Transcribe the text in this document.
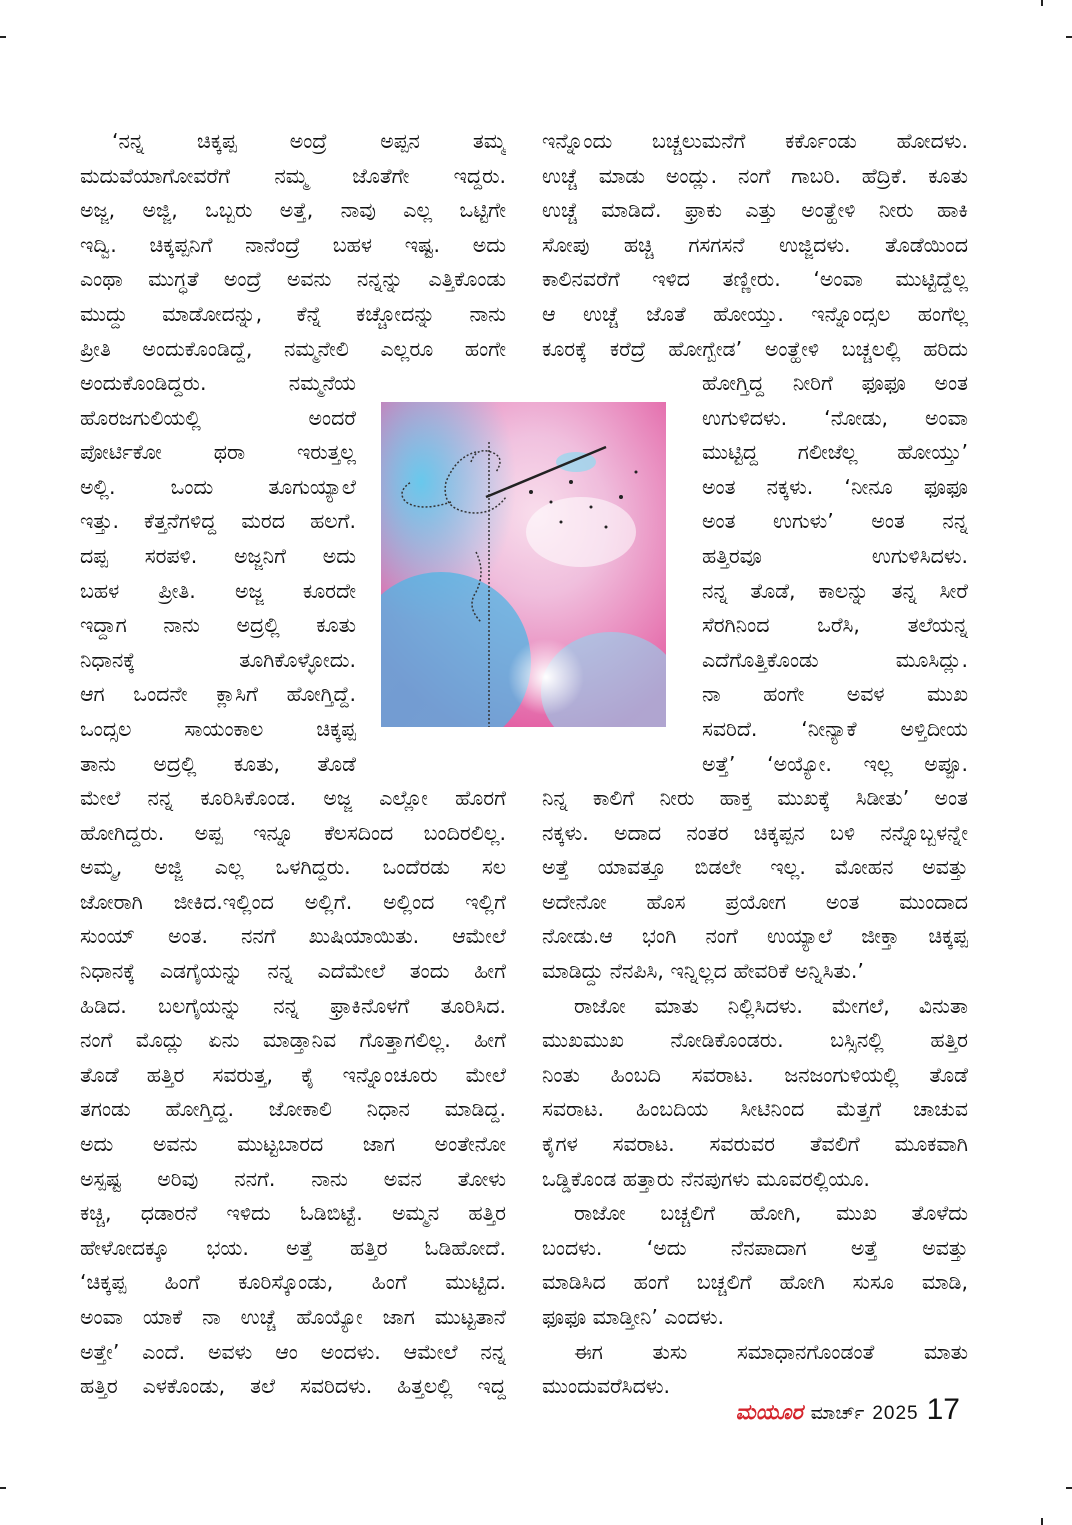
‘ನನ್ನ ಚಿಕ್ಕಪ್ಪ ಅಂದ್ರೆ ಅಪ್ಪನ ತಮ್ಮ

ಮದುವೆಯಾಗೋವರೆಗೆ ನಮ್ಮ ಜೊತೆಗೇ ಇದ್ದರು.

ಅಜ್ಜ, ಅಜ್ಜಿ, ಒಬ್ಬರು ಅತ್ತೆ, ನಾವು ಎಲ್ಲ ಒಟ್ಟಿಗೇ

ಇದ್ವಿ. ಚಿಕ್ಕಪ್ಪನಿಗೆ ನಾನೆಂದ್ರೆ ಬಹಳ ಇಷ್ಟ. ಅದು

ಎಂಥಾ ಮುಗ್ಧತೆ ಅಂದ್ರೆ ಅವನು ನನ್ನನ್ನು ಎತ್ತಿಕೊಂಡು

ಮುದ್ದು ಮಾಡೋದನ್ನು, ಕೆನ್ನೆ ಕಚ್ಚೋದನ್ನು ನಾನು

ಪ್ರೀತಿ ಅಂದುಕೊಂಡಿದ್ದೆ, ನಮ್ಮನೇಲಿ ಎಲ್ಲರೂ ಹಂಗೇ

ಅಂದುಕೊಂಡಿದ್ದರು. ನಮ್ಮನೆಯ

ಹೊರಜಗುಲಿಯಲ್ಲಿ ಅಂದರೆ

ಪೋರ್ಟಿಕೋ ಥರಾ ಇರುತ್ತಲ್ಲ

ಅಲ್ಲಿ. ಒಂದು ತೂಗುಯ್ಯಾಲೆ

ಇತ್ತು. ಕೆತ್ತನೆಗಳಿದ್ದ ಮರದ ಹಲಗೆ.

ದಪ್ಪ ಸರಪಳಿ. ಅಜ್ಜನಿಗೆ ಅದು

ಬಹಳ ಪ್ರೀತಿ. ಅಜ್ಜ ಕೂರದೇ

ಇದ್ದಾಗ ನಾನು ಅದ್ರಲ್ಲಿ ಕೂತು

ನಿಧಾನಕ್ಕೆ ತೂಗಿಕೊಳ್ಳೋದು.

ಆಗ ಒಂದನೇ ಕ್ಲಾಸಿಗೆ ಹೋಗ್ತಿದ್ದೆ.

ಒಂದ್ಸಲ ಸಾಯಂಕಾಲ ಚಿಕ್ಕಪ್ಪ

ತಾನು ಅದ್ರಲ್ಲಿ ಕೂತು, ತೊಡೆ

ಮೇಲೆ ನನ್ನ ಕೂರಿಸಿಕೊಂಡ. ಅಜ್ಜ ಎಲ್ಲೋ ಹೊರಗೆ

ಹೋಗಿದ್ದರು. ಅಪ್ಪ ಇನ್ನೂ ಕೆಲಸದಿಂದ ಬಂದಿರಲಿಲ್ಲ.

ಅಮ್ಮ, ಅಜ್ಜಿ ಎಲ್ಲ ಒಳಗಿದ್ದರು. ಒಂದೆರಡು ಸಲ

ಜೋರಾಗಿ ಜೀಕಿದ.ಇಲ್ಲಿಂದ ಅಲ್ಲಿಗೆ. ಅಲ್ಲಿಂದ ಇಲ್ಲಿಗೆ

ಸುಂಯ್ ಅಂತ. ನನಗೆ ಖುಷಿಯಾಯಿತು. ಆಮೇಲೆ

ನಿಧಾನಕ್ಕೆ ಎಡಗೈಯನ್ನು ನನ್ನ ಎದೆಮೇಲೆ ತಂದು ಹೀಗೆ

ಹಿಡಿದ. ಬಲಗೈಯನ್ನು ನನ್ನ ಫ್ರಾಕಿನೊಳಗೆ ತೂರಿಸಿದ.

ನಂಗೆ ಮೊದ್ಲು ಏನು ಮಾಡ್ತಾನಿವ ಗೊತ್ತಾಗಲಿಲ್ಲ. ಹೀಗೆ

ತೊಡೆ ಹತ್ತಿರ ಸವರುತ್ತ, ಕೈ ಇನ್ನೊಂಚೂರು ಮೇಲೆ

ತಗಂಡು ಹೋಗ್ತಿದ್ದ. ಜೋಕಾಲಿ ನಿಧಾನ ಮಾಡಿದ್ದ.

ಅದು ಅವನು ಮುಟ್ಟಬಾರದ ಜಾಗ ಅಂತೇನೋ

ಅಸ್ಪಷ್ಟ ಅರಿವು ನನಗೆ. ನಾನು ಅವನ ತೋಳು

ಕಚ್ಚಿ, ಧಡಾರನೆ ಇಳಿದು ಓಡಿಬಿಟ್ಟೆ. ಅಮ್ಮನ ಹತ್ತಿರ

ಹೇಳೋದಕ್ಕೂ ಭಯ. ಅತ್ತೆ ಹತ್ತಿರ ಓಡಿಹೋದೆ.

‘ಚಿಕ್ಕಪ್ಪ ಹಿಂಗೆ ಕೂರಿಸ್ಕೊಂಡು, ಹಿಂಗೆ ಮುಟ್ಟಿದ.

ಅಂವಾ ಯಾಕೆ ನಾ ಉಚ್ಚೆ ಹೊಯ್ಯೋ ಜಾಗ ಮುಟ್ಟತಾನೆ

ಅತ್ತೇ’ ಎಂದೆ. ಅವಳು ಆಂ ಅಂದಳು. ಆಮೇಲೆ ನನ್ನ

ಹತ್ತಿರ ಎಳಕೊಂಡು, ತಲೆ ಸವರಿದಳು. ಹಿತ್ತಲಲ್ಲಿ ಇದ್ದ

ಇನ್ನೊಂದು ಬಚ್ಚಲುಮನೆಗೆ ಕರ್ಕೊಂಡು ಹೋದಳು.

ಉಚ್ಚೆ ಮಾಡು ಅಂದ್ಲು. ನಂಗೆ ಗಾಬರಿ. ಹೆದ್ರಿಕೆ. ಕೂತು

ಉಚ್ಚೆ ಮಾಡಿದೆ. ಫ್ರಾಕು ಎತ್ತು ಅಂತ್ಹೇಳಿ ನೀರು ಹಾಕಿ

ಸೋಪು ಹಚ್ಚಿ ಗಸಗಸನೆ ಉಜ್ಜಿದಳು. ತೊಡೆಯಿಂದ

ಕಾಲಿನವರೆಗೆ ಇಳಿದ ತಣ್ಣೀರು. ‘ಅಂವಾ ಮುಟ್ಟಿದ್ದೆಲ್ಲ

ಆ ಉಚ್ಚೆ ಜೊತೆ ಹೋಯ್ತು. ಇನ್ನೊಂದ್ಸಲ ಹಂಗೆಲ್ಲ

ಕೂರಕ್ಕೆ ಕರೆದ್ರೆ ಹೋಗ್ಬೇಡ’ ಅಂತ್ಹೇಳಿ ಬಚ್ಚಲಲ್ಲಿ ಹರಿದು

ಹೋಗ್ತಿದ್ದ ನೀರಿಗೆ ಫೂಫೂ ಅಂತ

ಉಗುಳಿದಳು. ‘ನೋಡು, ಅಂವಾ

ಮುಟ್ಟಿದ್ದ ಗಲೀಜೆಲ್ಲ ಹೋಯ್ತು’

ಅಂತ ನಕ್ಕಳು. ‘ನೀನೂ ಫೂಫೂ

ಅಂತ ಉಗುಳು’ ಅಂತ ನನ್ನ

ಹತ್ತಿರವೂ ಉಗುಳಿಸಿದಳು.

ನನ್ನ ತೊಡೆ, ಕಾಲನ್ನು ತನ್ನ ಸೀರೆ

ಸೆರಗಿನಿಂದ ಒರೆಸಿ, ತಲೆಯನ್ನ

ಎದೆಗೊತ್ತಿಕೊಂಡು ಮೂಸಿದ್ಲು.

ನಾ ಹಂಗೇ ಅವಳ ಮುಖ

ಸವರಿದೆ. ‘ನೀನ್ಯಾಕೆ ಅಳ್ತಿದೀಯ

ಅತ್ತೆ’ ‘ಅಯ್ಯೋ. ಇಲ್ಲ ಅಪ್ಪೂ.

ನಿನ್ನ ಕಾಲಿಗೆ ನೀರು ಹಾಕ್ತ ಮುಖಕ್ಕೆ ಸಿಡೀತು’ ಅಂತ

ನಕ್ಕಳು. ಅದಾದ ನಂತರ ಚಿಕ್ಕಪ್ಪನ ಬಳಿ ನನ್ನೊಬ್ಬಳನ್ನೇ

ಅತ್ತೆ ಯಾವತ್ತೂ ಬಿಡಲೇ ಇಲ್ಲ. ಮೋಹನ ಅವತ್ತು

ಅದೇನೋ ಹೊಸ ಪ್ರಯೋಗ ಅಂತ ಮುಂದಾದ

ನೋಡು.ಆ ಭಂಗಿ ನಂಗೆ ಉಯ್ಯಾಲೆ ಜೀಕ್ತಾ ಚಿಕ್ಕಪ್ಪ

ಮಾಡಿದ್ದು ನೆನಪಿಸಿ, ಇನ್ನಿಲ್ಲದ ಹೇವರಿಕೆ ಅನ್ನಿಸಿತು.’

ರಾಜೋ ಮಾತು ನಿಲ್ಲಿಸಿದಳು. ಮೇಗಲೆ, ವಿನುತಾ

ಮುಖಮುಖ ನೋಡಿಕೊಂಡರು. ಬಸ್ಸಿನಲ್ಲಿ ಹತ್ತಿರ

ನಿಂತು ಹಿಂಬದಿ ಸವರಾಟ. ಜನಜಂಗುಳಿಯಲ್ಲಿ ತೊಡೆ

ಸವರಾಟ. ಹಿಂಬದಿಯ ಸೀಟಿನಿಂದ ಮೆತ್ತಗೆ ಚಾಚುವ

ಕೈಗಳ ಸವರಾಟ. ಸವರುವರ ತೆವಲಿಗೆ ಮೂಕವಾಗಿ

ಒಡ್ಡಿಕೊಂಡ ಹತ್ತಾರು ನೆನಪುಗಳು ಮೂವರಲ್ಲಿಯೂ.

ರಾಜೋ ಬಚ್ಚಲಿಗೆ ಹೋಗಿ, ಮುಖ ತೊಳೆದು

ಬಂದಳು. ‘ಅದು ನೆನಪಾದಾಗ ಅತ್ತೆ ಅವತ್ತು

ಮಾಡಿಸಿದ ಹಂಗೆ ಬಚ್ಚಲಿಗೆ ಹೋಗಿ ಸುಸೂ ಮಾಡಿ,

ಫೂಫೂ ಮಾಡ್ತೀನಿ’ ಎಂದಳು.

ಈಗ ತುಸು ಸಮಾಧಾನಗೊಂಡಂತೆ ಮಾತು

ಮುಂದುವರೆಸಿದಳು.

ಮಯೂರ ಮಾರ್ಚ್ 2025 17
